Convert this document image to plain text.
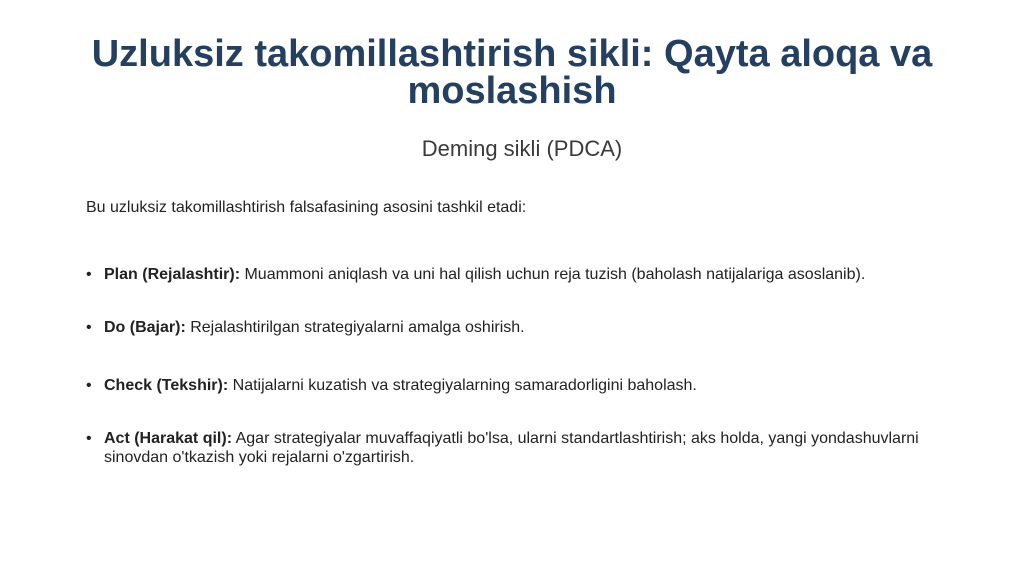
Uzluksiz takomillashtirish sikli: Qayta aloqa va moslashish

Deming sikli (PDCA)

Bu uzluksiz takomillashtirish falsafasining asosini tashkil etadi:

• Plan (Rejalashtir): Muammoni aniqlash va uni hal qilish uchun reja tuzish (baholash natijalariga asoslanib).
• Do (Bajar): Rejalashtirilgan strategiyalarni amalga oshirish.
• Check (Tekshir): Natijalarni kuzatish va strategiyalarning samaradorligini baholash.
• Act (Harakat qil): Agar strategiyalar muvaffaqiyatli bo'lsa, ularni standartlashtirish; aks holda, yangi yondashuvlarni sinovdan o'tkazish yoki rejalarni o'zgartirish.
